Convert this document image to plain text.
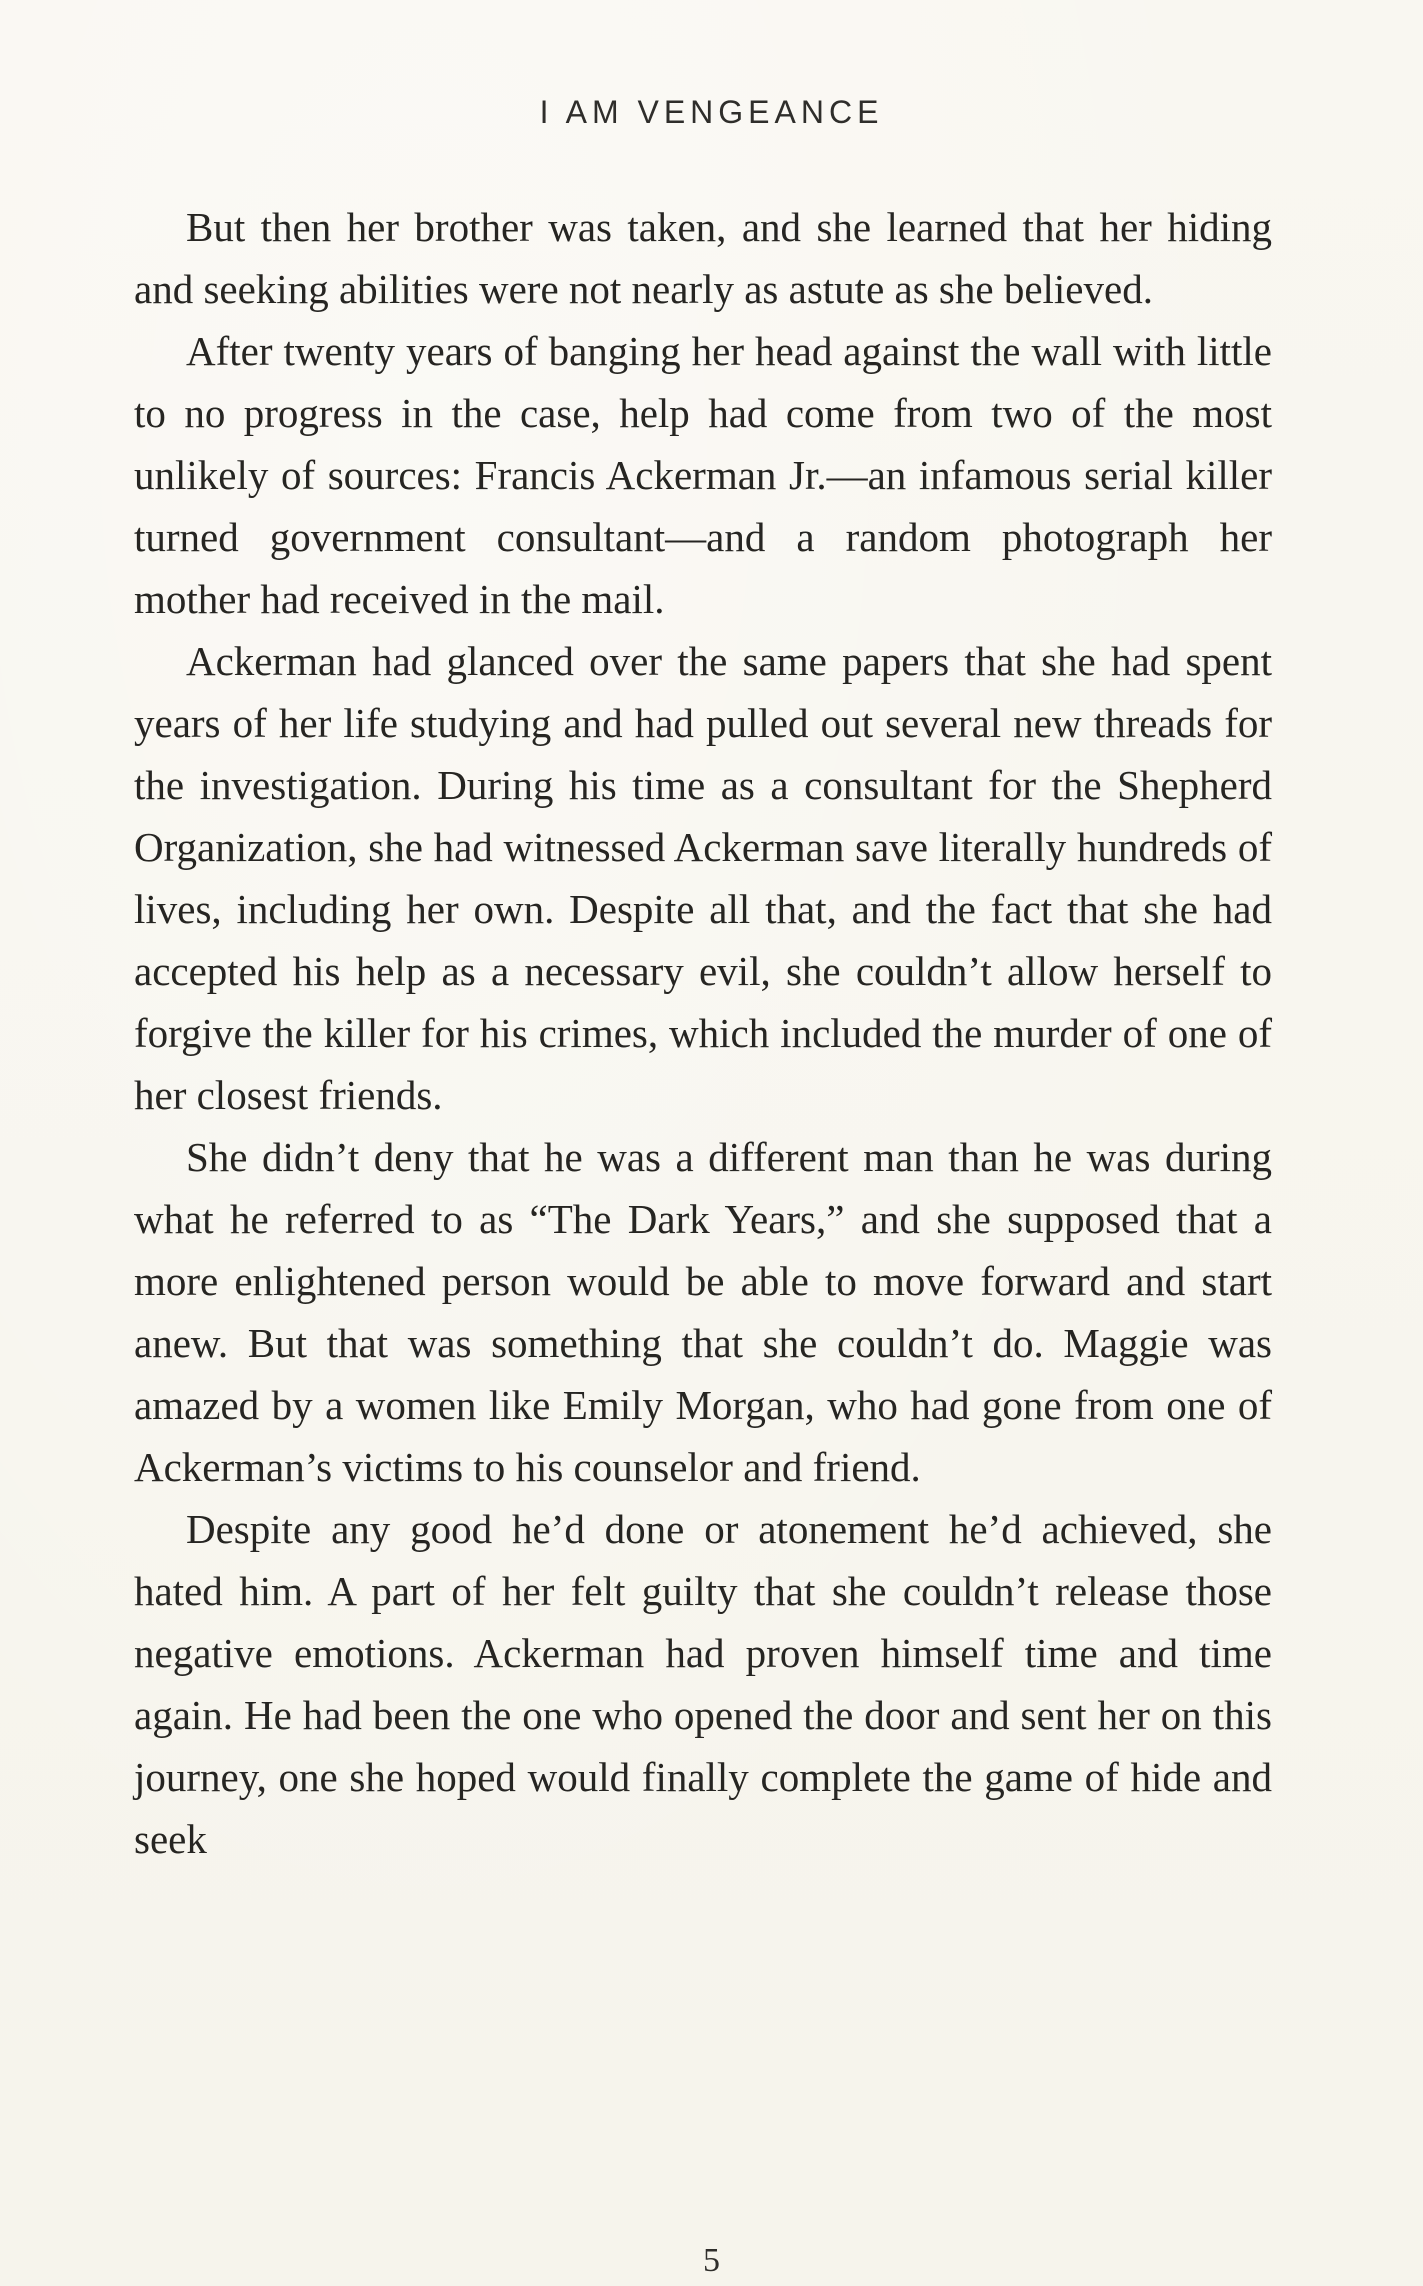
I AM VENGEANCE

But then her brother was taken, and she learned that her hiding and seeking abilities were not nearly as astute as she believed.

After twenty years of banging her head against the wall with little to no progress in the case, help had come from two of the most unlikely of sources: Francis Ackerman Jr.—an infamous serial killer turned government consultant—and a random photograph her mother had received in the mail.

Ackerman had glanced over the same papers that she had spent years of her life studying and had pulled out several new threads for the investigation. During his time as a consultant for the Shepherd Organization, she had witnessed Ackerman save literally hundreds of lives, including her own. Despite all that, and the fact that she had accepted his help as a necessary evil, she couldn’t allow herself to forgive the killer for his crimes, which included the murder of one of her closest friends.

She didn’t deny that he was a different man than he was during what he referred to as “The Dark Years,” and she supposed that a more enlightened person would be able to move forward and start anew. But that was something that she couldn’t do. Maggie was amazed by a women like Emily Morgan, who had gone from one of Ackerman’s victims to his counselor and friend.

Despite any good he’d done or atonement he’d achieved, she hated him. A part of her felt guilty that she couldn’t release those negative emotions. Ackerman had proven himself time and time again. He had been the one who opened the door and sent her on this journey, one she hoped would finally complete the game of hide and seek

5
